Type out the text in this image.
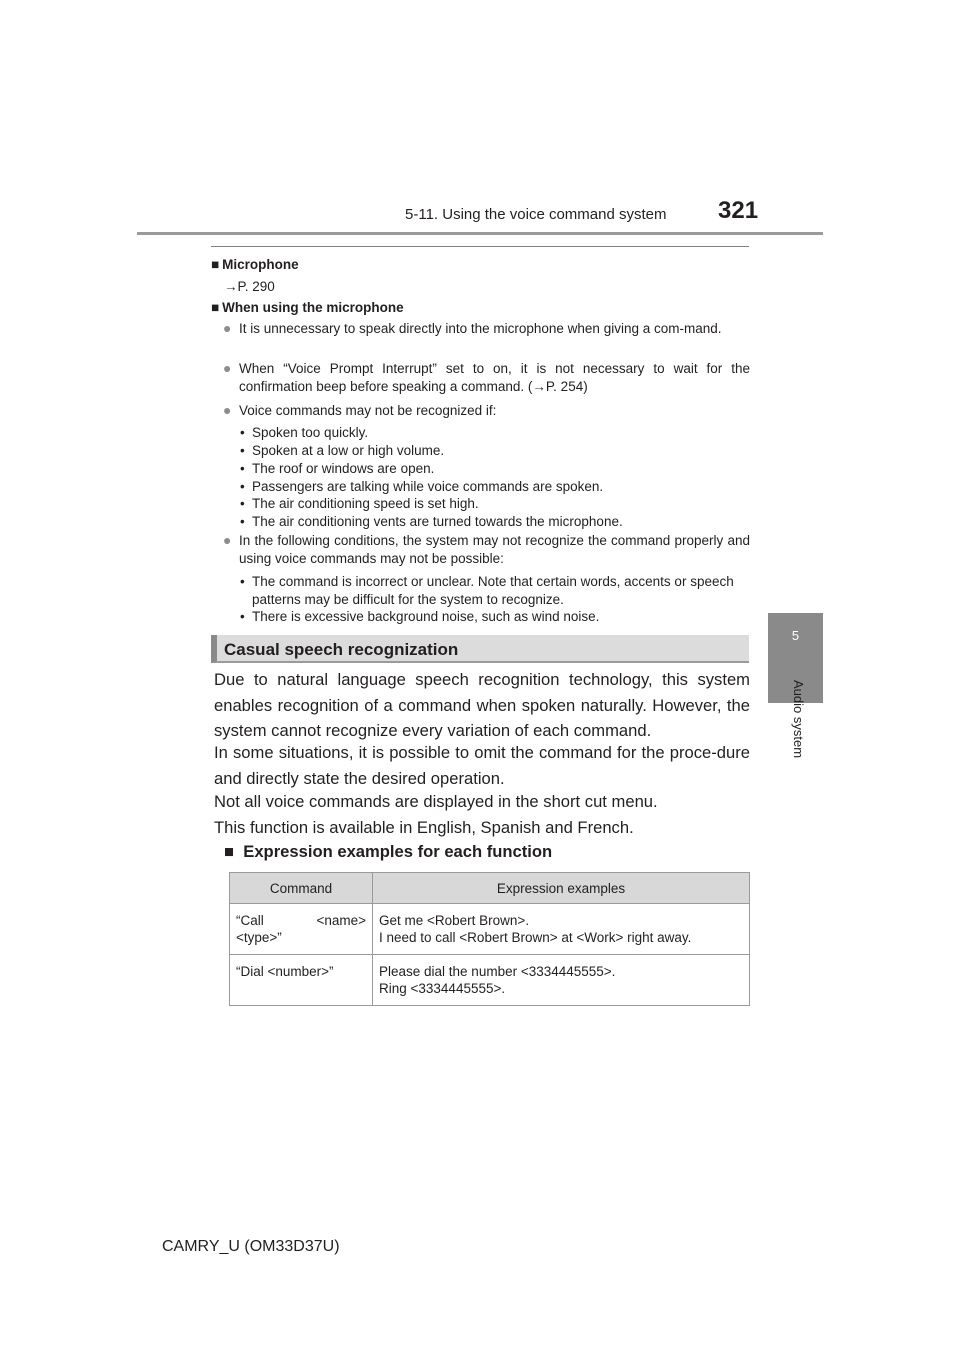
5-11. Using the voice command system 321
5
Audio system
■ Microphone
→P. 290
■ When using the microphone
● It is unnecessary to speak directly into the microphone when giving a com-mand.
● When “Voice Prompt Interrupt” set to on, it is not necessary to wait for the confirmation beep before speaking a command. (→P. 254)
● Voice commands may not be recognized if:
• Spoken too quickly.
• Spoken at a low or high volume.
• The roof or windows are open.
• Passengers are talking while voice commands are spoken.
• The air conditioning speed is set high.
• The air conditioning vents are turned towards the microphone.
● In the following conditions, the system may not recognize the command properly and using voice commands may not be possible:
• The command is incorrect or unclear. Note that certain words, accents or speech patterns may be difficult for the system to recognize.
• There is excessive background noise, such as wind noise.
Casual speech recognization
Due to natural language speech recognition technology, this system enables recognition of a command when spoken naturally. However, the system cannot recognize every variation of each command.
In some situations, it is possible to omit the command for the proce-dure and directly state the desired operation.
Not all voice commands are displayed in the short cut menu.
This function is available in English, Spanish and French.
■ Expression examples for each function
Command	Expression examples

“Call <name> <type>”	Get me <Robert Brown>.
I need to call <Robert Brown> at <Work> right away.

“Dial <number>”	Please dial the number <3334445555>.
Ring <3334445555>.
CAMRY_U (OM33D37U)
